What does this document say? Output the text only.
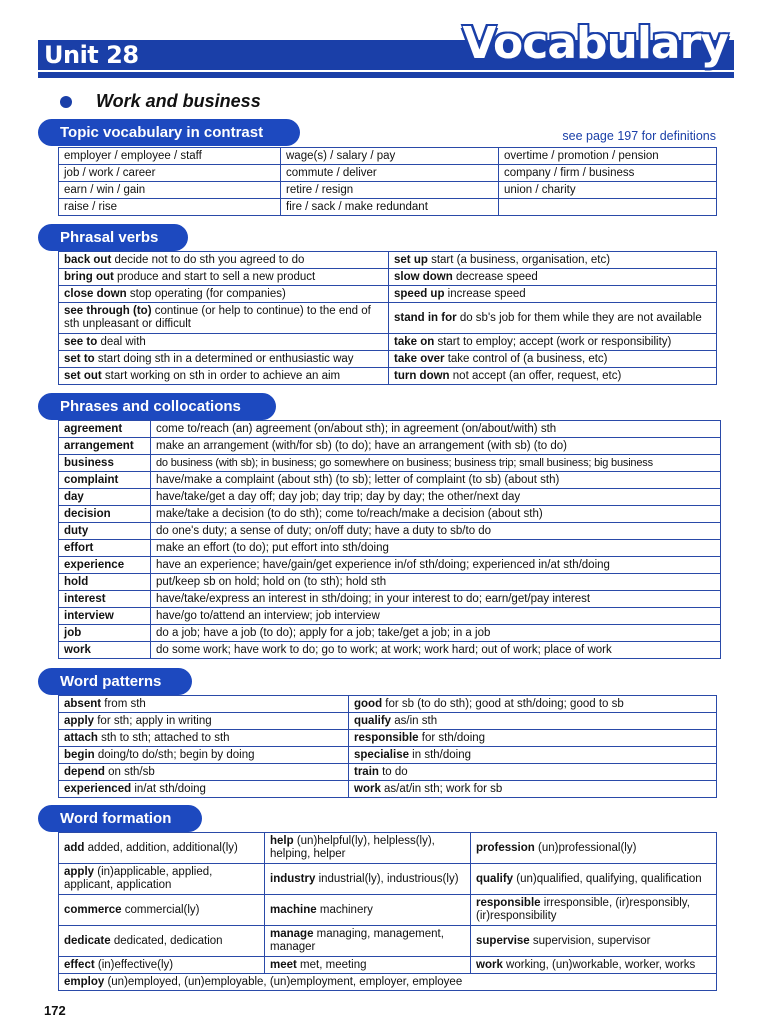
Unit 28	Vocabulary
Work and business
Topic vocabulary in contrast	see page 197 for definitions
employer / employee / staff	wage(s) / salary / pay	overtime / promotion / pension
job / work / career	commute / deliver	company / firm / business
earn / win / gain	retire / resign	union / charity
raise / rise	fire / sack / make redundant	
Phrasal verbs
back out decide not to do sth you agreed to do	set up start (a business, organisation, etc)
bring out produce and start to sell a new product	slow down decrease speed
close down stop operating (for companies)	speed up increase speed
see through (to) continue (or help to continue) to the end of sth unpleasant or difficult	stand in for do sb's job for them while they are not available
see to deal with	take on start to employ; accept (work or responsibility)
set to start doing sth in a determined or enthusiastic way	take over take control of (a business, etc)
set out start working on sth in order to achieve an aim	turn down not accept (an offer, request, etc)
Phrases and collocations
agreement	come to/reach (an) agreement (on/about sth); in agreement (on/about/with) sth
arrangement	make an arrangement (with/for sb) (to do); have an arrangement (with sb) (to do)
business	do business (with sb); in business; go somewhere on business; business trip; small business; big business
complaint	have/make a complaint (about sth) (to sb); letter of complaint (to sb) (about sth)
day	have/take/get a day off; day job; day trip; day by day; the other/next day
decision	make/take a decision (to do sth); come to/reach/make a decision (about sth)
duty	do one's duty; a sense of duty; on/off duty; have a duty to sb/to do
effort	make an effort (to do); put effort into sth/doing
experience	have an experience; have/gain/get experience in/of sth/doing; experienced in/at sth/doing
hold	put/keep sb on hold; hold on (to sth); hold sth
interest	have/take/express an interest in sth/doing; in your interest to do; earn/get/pay interest
interview	have/go to/attend an interview; job interview
job	do a job; have a job (to do); apply for a job; take/get a job; in a job
work	do some work; have work to do; go to work; at work; work hard; out of work; place of work
Word patterns
absent from sth	good for sb (to do sth); good at sth/doing; good to sb
apply for sth; apply in writing	qualify as/in sth
attach sth to sth; attached to sth	responsible for sth/doing
begin doing/to do/sth; begin by doing	specialise in sth/doing
depend on sth/sb	train to do
experienced in/at sth/doing	work as/at/in sth; work for sb
Word formation
add added, addition, additional(ly)	help (un)helpful(ly), helpless(ly), helping, helper	profession (un)professional(ly)
apply (in)applicable, applied, applicant, application	industry industrial(ly), industrious(ly)	qualify (un)qualified, qualifying, qualification
commerce commercial(ly)	machine machinery	responsible irresponsible, (ir)responsibly, (ir)responsibility
dedicate dedicated, dedication	manage managing, management, manager	supervise supervision, supervisor
effect (in)effective(ly)	meet met, meeting	work working, (un)workable, worker, works
employ (un)employed, (un)employable, (un)employment, employer, employee		
172
